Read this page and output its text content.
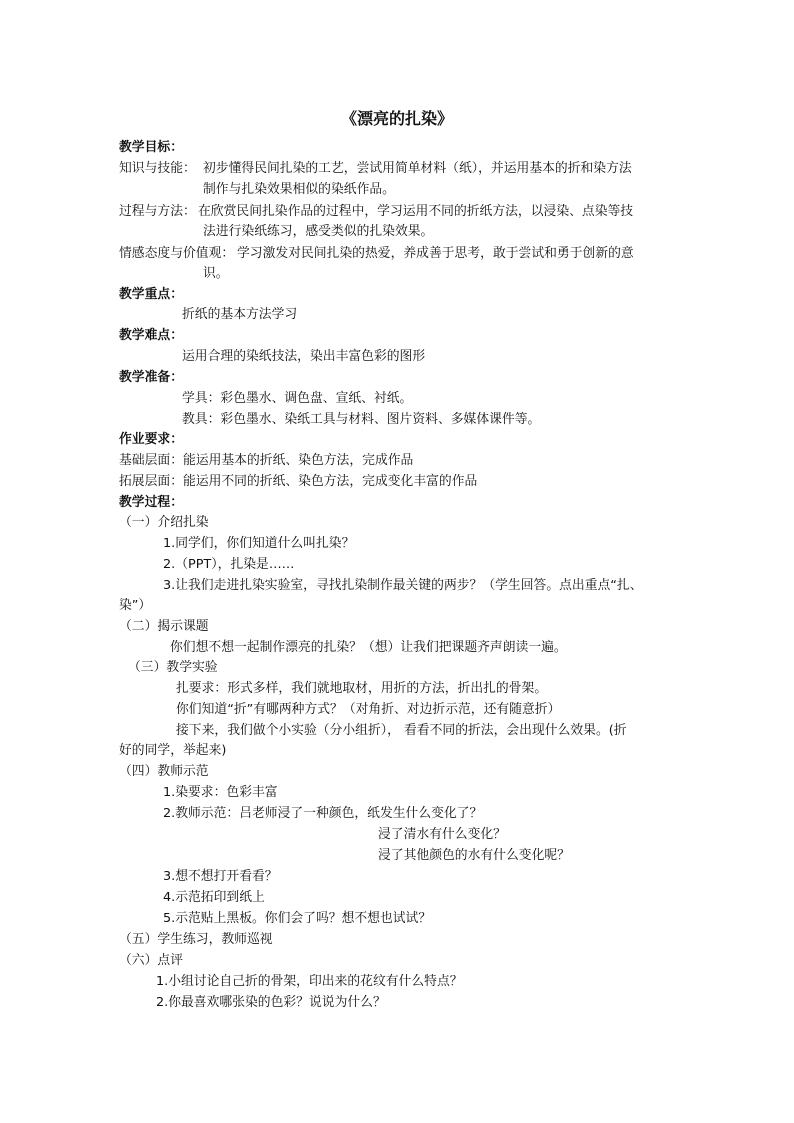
《漂亮的扎染》
教学目标：
知识与技能： 初步懂得民间扎染的工艺，尝试用简单材料（纸），并运用基本的折和染方法
制作与扎染效果相似的染纸作品。
过程与方法： 在欣赏民间扎染作品的过程中，学习运用不同的折纸方法，以浸染、点染等技
法进行染纸练习，感受类似的扎染效果。
情感态度与价值观： 学习激发对民间扎染的热爱，养成善于思考，敢于尝试和勇于创新的意
识。
教学重点：
折纸的基本方法学习
教学难点：
运用合理的染纸技法，染出丰富色彩的图形
教学准备：
学具：彩色墨水、调色盘、宣纸、衬纸。
教具：彩色墨水、染纸工具与材料、图片资料、多媒体课件等。
作业要求：
基础层面：能运用基本的折纸、染色方法，完成作品
拓展层面：能运用不同的折纸、染色方法，完成变化丰富的作品
教学过程：
（一）介绍扎染
1.同学们，你们知道什么叫扎染？
2.（PPT），扎染是……
3.让我们走进扎染实验室，寻找扎染制作最关键的两步？（学生回答。点出重点“扎、
染”）
（二）揭示课题
你们想不想一起制作漂亮的扎染？（想）让我们把课题齐声朗读一遍。
（三）教学实验
扎要求：形式多样，我们就地取材，用折的方法，折出扎的骨架。
你们知道“折”有哪两种方式？（对角折、对边折示范，还有随意折）
接下来，我们做个小实验（分小组折）， 看看不同的折法，会出现什么效果。(折
好的同学，举起来)
（四）教师示范
1.染要求：色彩丰富
2.教师示范：吕老师浸了一种颜色，纸发生什么变化了？
浸了清水有什么变化？
浸了其他颜色的水有什么变化呢？
3.想不想打开看看？
4.示范拓印到纸上
5.示范贴上黑板。你们会了吗？想不想也试试？
（五）学生练习，教师巡视
（六）点评
1.小组讨论自己折的骨架，印出来的花纹有什么特点？
2.你最喜欢哪张染的色彩？说说为什么？
